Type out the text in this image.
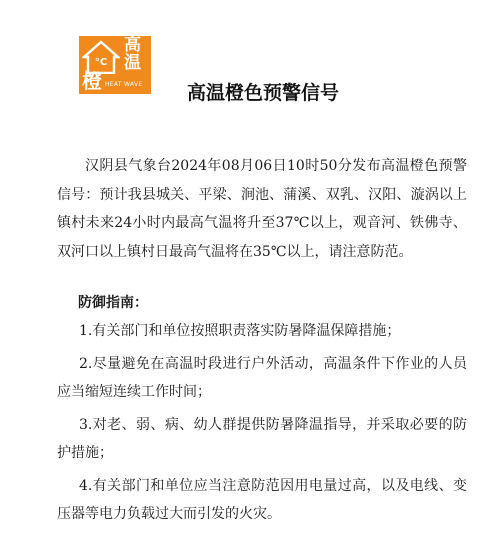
°C
橙
高
温
HEAT WAVE 高温橙色预警信号

汉阴县气象台2024年08月06日10时50分发布高温橙色预警信号：预计我县城关、平梁、涧池、蒲溪、双乳、汉阳、漩涡以上镇村未来24小时内最高气温将升至37℃以上，观音河、铁佛寺、双河口以上镇村日最高气温将在35℃以上，请注意防范。

防御指南：
1.有关部门和单位按照职责落实防暑降温保障措施；
2.尽量避免在高温时段进行户外活动，高温条件下作业的人员应当缩短连续工作时间；
3.对老、弱、病、幼人群提供防暑降温指导，并采取必要的防护措施；
4.有关部门和单位应当注意防范因用电量过高，以及电线、变压器等电力负载过大而引发的火灾。
